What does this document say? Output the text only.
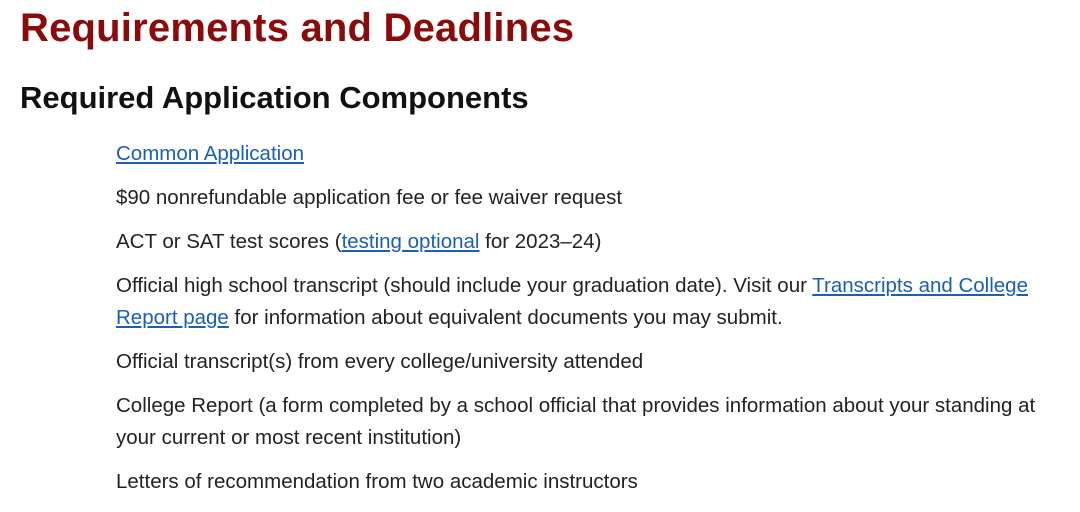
Requirements and Deadlines
Required Application Components
Common Application
$90 nonrefundable application fee or fee waiver request
ACT or SAT test scores (testing optional for 2023–24)
Official high school transcript (should include your graduation date). Visit our Transcripts and College Report page for information about equivalent documents you may submit.
Official transcript(s) from every college/university attended
College Report (a form completed by a school official that provides information about your standing at your current or most recent institution)
Letters of recommendation from two academic instructors
